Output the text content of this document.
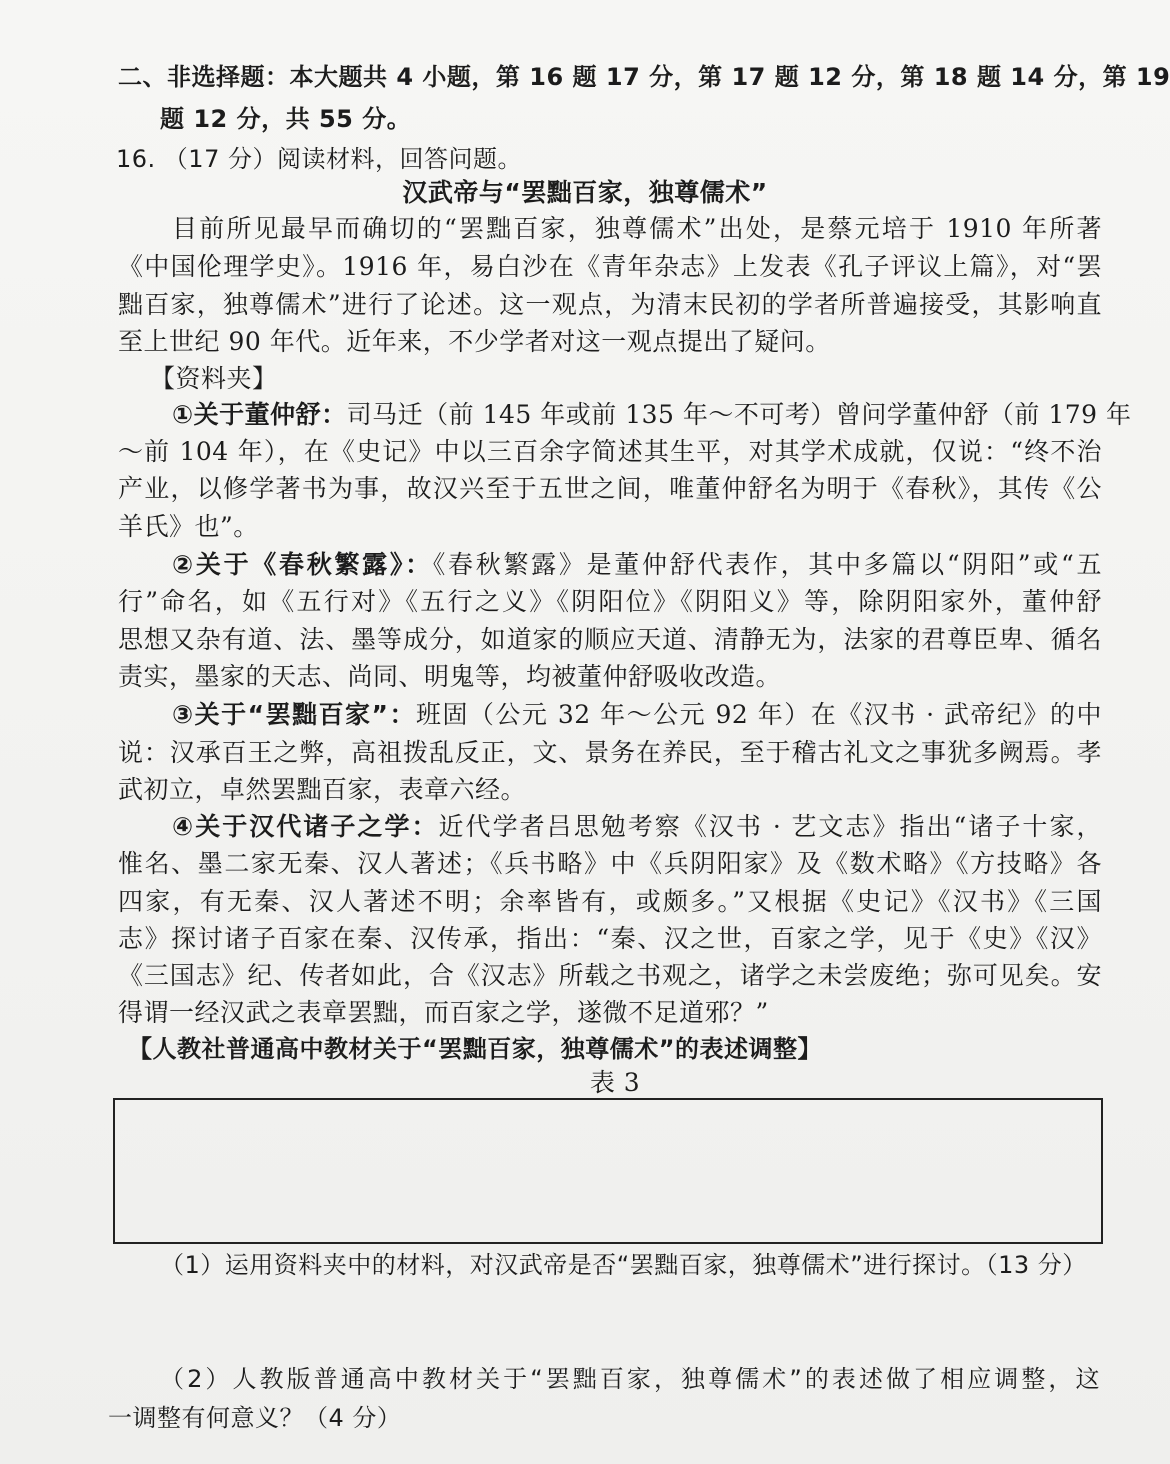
二、非选择题：本大题共 4 小题，第 16 题 17 分，第 17 题 12 分，第 18 题 14 分，第 19
题 12 分，共 55 分。
16. （17 分）阅读材料，回答问题。
汉武帝与“罢黜百家，独尊儒术”
目前所见最早而确切的“罢黜百家，独尊儒术”出处，是蔡元培于 1910 年所著
《中国伦理学史》。1916 年，易白沙在《青年杂志》上发表《孔子评议上篇》，对“罢
黜百家，独尊儒术”进行了论述。这一观点，为清末民初的学者所普遍接受，其影响直
至上世纪 90 年代。近年来，不少学者对这一观点提出了疑问。
【资料夹】
①关于董仲舒：司马迁（前 145 年或前 135 年～不可考）曾问学董仲舒（前 179 年
～前 104 年），在《史记》中以三百余字简述其生平，对其学术成就，仅说：“终不治
产业，以修学著书为事，故汉兴至于五世之间，唯董仲舒名为明于《春秋》，其传《公
羊氏》也”。
②关于《春秋繁露》：《春秋繁露》是董仲舒代表作，其中多篇以“阴阳”或“五
行”命名，如《五行对》《五行之义》《阴阳位》《阴阳义》等，除阴阳家外，董仲舒
思想又杂有道、法、墨等成分，如道家的顺应天道、清静无为，法家的君尊臣卑、循名
责实，墨家的天志、尚同、明鬼等，均被董仲舒吸收改造。
③关于“罢黜百家”：班固（公元 32 年～公元 92 年）在《汉书 · 武帝纪》的中
说：汉承百王之弊，高祖拨乱反正，文、景务在养民，至于稽古礼文之事犹多阙焉。孝
武初立，卓然罢黜百家，表章六经。
④关于汉代诸子之学：近代学者吕思勉考察《汉书 · 艺文志》指出“诸子十家，
惟名、墨二家无秦、汉人著述；《兵书略》中《兵阴阳家》及《数术略》《方技略》各
四家，有无秦、汉人著述不明；余率皆有，或颇多。”又根据《史记》《汉书》《三国
志》探讨诸子百家在秦、汉传承，指出：“秦、汉之世，百家之学，见于《史》《汉》
《三国志》纪、传者如此，合《汉志》所载之书观之，诸学之未尝废绝；弥可见矣。安
得谓一经汉武之表章罢黜，而百家之学，遂微不足道邪？”
【人教社普通高中教材关于“罢黜百家，独尊儒术”的表述调整】
表 3
（1）运用资料夹中的材料，对汉武帝是否“罢黜百家，独尊儒术”进行探讨。（13 分）
（2）人教版普通高中教材关于“罢黜百家，独尊儒术”的表述做了相应调整，这
一调整有何意义？（4 分）
